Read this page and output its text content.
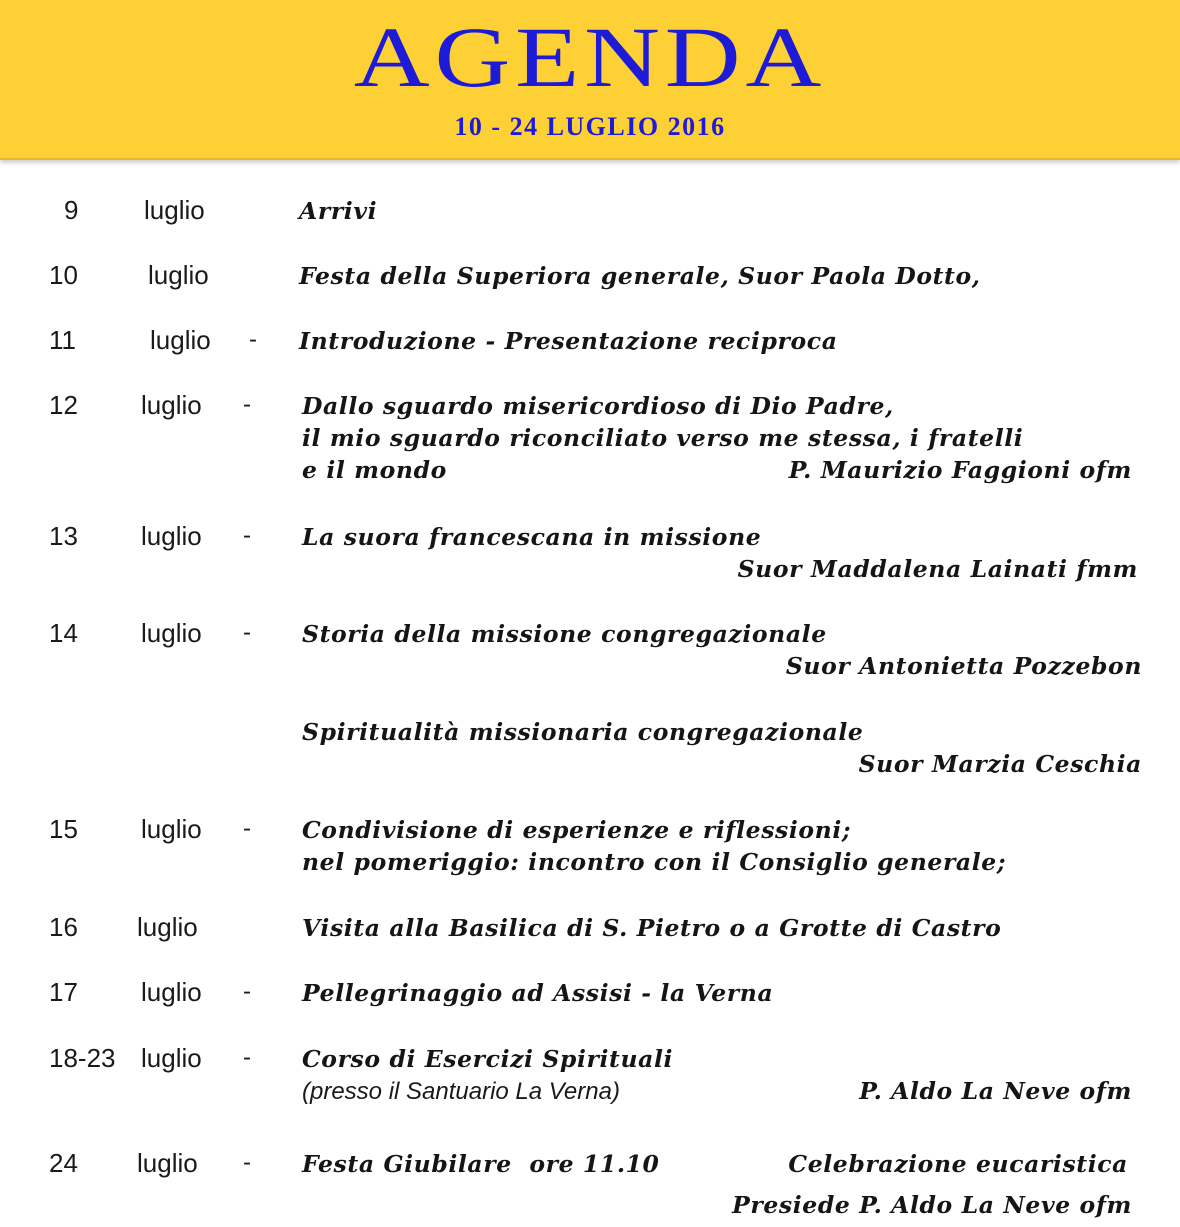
AGENDA
10 - 24 LUGLIO 2016
9	luglio	Arrivi
10	luglio	Festa della Superiora generale, Suor Paola Dotto,
11	luglio - Introduzione - Presentazione reciproca
12 luglio - Dallo sguardo misericordioso di Dio Padre,
il mio sguardo riconciliato verso me stessa, i fratelli
e il mondo	P. Maurizio Faggioni ofm
13 luglio - La suora francescana in missione
Suor Maddalena Lainati fmm
14 luglio - Storia della missione congregazionale
Suor Antonietta Pozzebon
Spiritualità missionaria congregazionale
Suor Marzia Ceschia
15 luglio - Condivisione di esperienze e riflessioni;
nel pomeriggio: incontro con il Consiglio generale;
16 luglio	Visita alla Basilica di S. Pietro o a Grotte di Castro
17 luglio - Pellegrinaggio ad Assisi - la Verna
18-23 luglio - Corso di Esercizi Spirituali
(presso il Santuario La Verna)	P. Aldo La Neve ofm
24 luglio - Festa Giubilare  ore 11.10	Celebrazione eucaristica
Presiede P. Aldo La Neve ofm
